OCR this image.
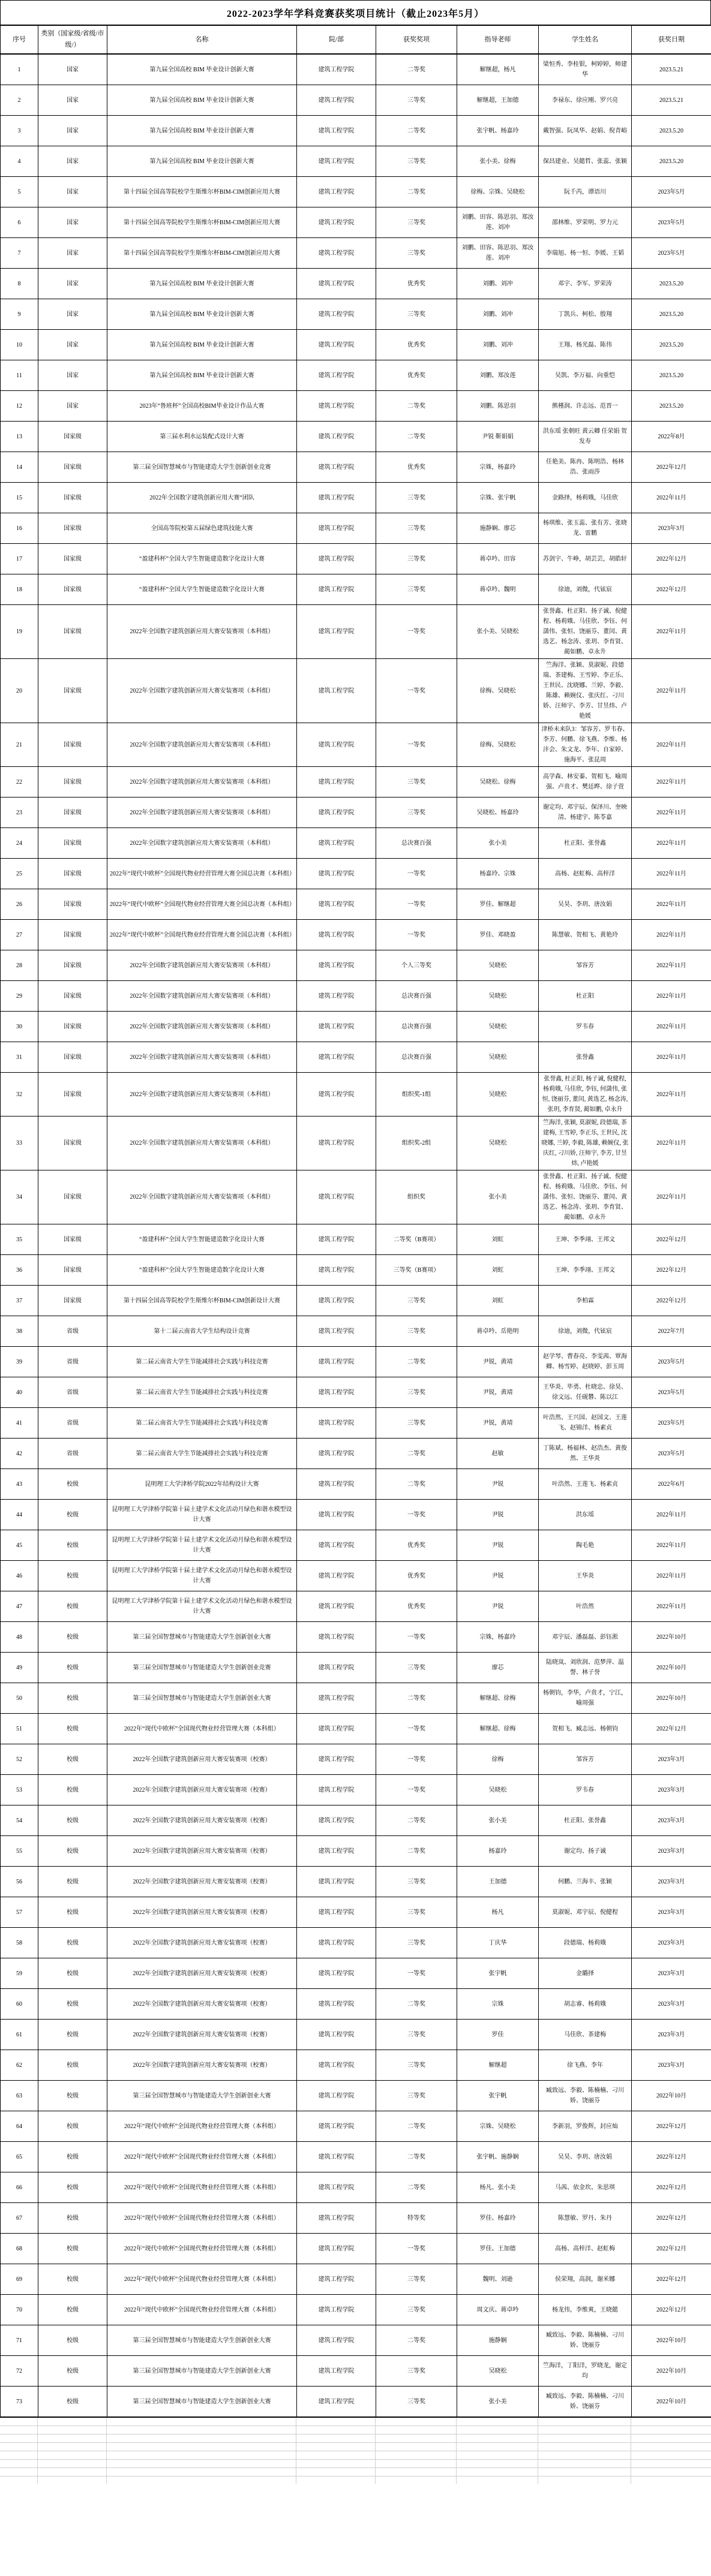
2022-2023学年学科竞赛获奖项目统计（截止2023年5月）
序号	类别（国家级/省级/市级/）	名称	院/部	获奖奖项	指导老师	学生姓名	获奖日期
1	国家	第九届全国高校 BIM 毕业设计创新大赛	建筑工程学院	二等奖	解继超，杨凡	梁恒秀、李桂银，柯婷婷，师建华	2023.5.21
2	国家	第九届全国高校 BIM 毕业设计创新大赛	建筑工程学院	三等奖	解继超，王加德	李禄东、徐应刚、罗兴亮	2023.5.21
3	国家	第九届全国高校 BIM 毕业设计创新大赛	建筑工程学院	二等奖	张宇帆、杨嘉玲	戴智强、阮凤华、赵娟、倪青峪	2023.5.20
4	国家	第九届全国高校 BIM 毕业设计创新大赛	建筑工程学院	三等奖	张小美、徐梅	保昌建业、吴懿哲、张蕊、张颖	2023.5.20
5	国家	第十四届全国高等院校学生斯维尔杯BIM-CIM创新应用大赛	建筑工程学院	二等奖	徐梅、宗姝、吴晓松	阮千芮，谭语川	2023年5月
6	国家	第十四届全国高等院校学生斯维尔杯BIM-CIM创新应用大赛	建筑工程学院	三等奖	刘鹏、田容、陈思羽、郑汝莲、刘冲	邵林维、罗荣明、罗力元	2023年5月
7	国家	第十四届全国高等院校学生斯维尔杯BIM-CIM创新应用大赛	建筑工程学院	三等奖	刘鹏、田容、陈思羽、郑汝莲、刘冲	李瑞旭、杨一恒、李媛、王韬	2023年5月
8	国家	第九届全国高校 BIM 毕业设计创新大赛	建筑工程学院	优秀奖	刘鹏、刘冲	邓宇、李军、罗荣涛	2023.5.20
9	国家	第九届全国高校 BIM 毕业设计创新大赛	建筑工程学院	三等奖	刘鹏、刘冲	丁凯兵、柯松、殷翔	2023.5.20
10	国家	第九届全国高校 BIM 毕业设计创新大赛	建筑工程学院	优秀奖	刘鹏、刘冲	王翔、杨光磊、陈伟	2023.5.20
11	国家	第九届全国高校 BIM 毕业设计创新大赛	建筑工程学院	优秀奖	刘鹏、郑汝莲	吴凯、李万福、向重恺	2023.5.20
12	国家	2023年“鲁班杯”全国高校BIM毕业设计作品大赛	建筑工程学院	二等奖	刘鹏、陈思羽	熊槿润、许志远、范晋一	2023.5.20
13	国家级	第三届水利水运装配式设计大赛	建筑工程学院	二等奖	尹锐 靳娟娟	洪东瑶 张朝旺 黄云卿 任荣娟 贺发寿	2022年8月
14	国家级	第三届全国智慧城市与智能建造大学生创新创业竞赛	建筑工程学院	优秀奖	宗姝，杨嘉玲	任艳美、陈冉、陈明浩、杨林浩、张雨莎	2022年12月
15	国家级	2022年全国数字建筑创新应用大赛“团队	建筑工程学院	三等奖	宗姝、张宇帆	金路择，杨莉娥，马佳欣	2022年11月
16	国家级	全国高等院校第五届绿色建筑技能大赛	建筑工程学院	三等奖	施静娴、廖芯	杨琪维、张玉蕊、张有芳、张晓龙、雷鹏	2023年3月
17	国家级	“盈建科杯”全国大学生智能建造数字化设计大赛	建筑工程学院	三等奖	蒋卓吟、田容	苏剑宇、牛峥，胡芸芸，胡皓轩	2022年12月
18	国家级	“盈建科杯”全国大学生智能建造数字化设计大赛	建筑工程学院	三等奖	蒋卓吟、魏明	徐迪，刘微，代铉宸	2022年12月
19	国家级	2022年全国数字建筑创新应用大赛安装赛项（本科组）	建筑工程学院	一等奖	张小美、吴晓松	张誉鑫、杜正阳、扬子诚、倪健程、杨莉娥、马佳欣、李钰、何潇伟、张恒、饶丽芬、董闰、黄选艺、杨念涛、张玥、李育贤、蔺如鹏、卓永升	2022年11月
20	国家级	2022年全国数字建筑创新应用大赛安装赛项（本科组）	建筑工程学院	一等奖	徐梅、吴晓松	竺海洋、张颖、莫淑妮、段德瑞、茶建梅、王雪婷、李正乐、王世民、沈晓娜、兰婷、李毅、陈雄、赖婉仪、张庆红、刁川娇、汪师宇、李芳、甘昱炜、卢艳媛	2022年11月
21	国家级	2022年全国数字建筑创新应用大赛安装赛项（本科组）	建筑工程学院	一等奖	徐梅、吴晓松	津桥未来队3：邹容芳、罗韦春、李芳、何鹏、徐飞燕、李维、杨沣会、朱文龙、李年、自家婷、施海平、张昆周	2022年11月
22	国家级	2022年全国数字建筑创新应用大赛安装赛项（本科组）	建筑工程学院	三等奖	吴晓松、徐梅	高学森、林安蓁、贺相飞、喻周强、卢贵才、樊廷晔、徐子萱	2022年11月
23	国家级	2022年全国数字建筑创新应用大赛安装赛项（本科组）	建筑工程学院	三等奖	吴晓松、杨嘉玲	谢定均、邓宇辰、保泽川、奎映清、杨建宇、陈苓嘉	2022年11月
24	国家级	2022年全国数字建筑创新应用大赛安装赛项（本科组）	建筑工程学院	总决赛百强	张小美	杜正阳、张誉鑫	2022年11月
25	国家级	2022年“现代中欧杯”全国现代物业经营管理大赛全国总决赛（本科组）	建筑工程学院	一等奖	杨嘉玲、宗姝	高杨、赵虹梅、高梓洋	2022年11月
26	国家级	2022年“现代中欧杯”全国现代物业经营管理大赛全国总决赛（本科组）	建筑工程学院	一等奖	罗佳、解继超	吴昊、李玥、唐汝娟	2022年11月
27	国家级	2022年“现代中欧杯”全国现代物业经营管理大赛全国总决赛（本科组）	建筑工程学院	一等奖	罗佳、邓晓盈	陈慧敏、贺相飞、黄艳玲	2022年11月
28	国家级	2022年全国数字建筑创新应用大赛安装赛项（本科组）	建筑工程学院	个人三等奖	吴晓松	邹容芳	2022年11月
29	国家级	2022年全国数字建筑创新应用大赛安装赛项（本科组）	建筑工程学院	总决赛百强	吴晓松	杜正阳	2022年11月
30	国家级	2022年全国数字建筑创新应用大赛安装赛项（本科组）	建筑工程学院	总决赛百强	吴晓松	罗韦春	2022年11月
31	国家级	2022年全国数字建筑创新应用大赛安装赛项（本科组）	建筑工程学院	总决赛百强	吴晓松	张誉鑫	2022年11月
32	国家级	2022年全国数字建筑创新应用大赛安装赛项（本科组）	建筑工程学院	组织奖-1组	吴晓松	张誉鑫, 杜正阳, 杨子诚, 倪健程, 杨莉娥, 马佳欣, 李钰, 何潇伟, 张恒, 饶丽芬, 董闰, 黄选艺, 杨念涛, 张玥, 李育贤, 蔺如鹏, 卓永升	2022年11月
33	国家级	2022年全国数字建筑创新应用大赛安装赛项（本科组）	建筑工程学院	组织奖-2组	吴晓松	竺海洋, 张颖, 莫淑妮, 段德瑞, 茶建梅, 王雪婷, 李正乐, 王世民, 沈晓娜, 兰婷, 李毅, 陈雄, 赖婉仪, 张庆红, 刁川娇, 汪师宇, 李芳, 甘昱炜, 卢艳媛	2022年11月
34	国家级	2022年全国数字建筑创新应用大赛安装赛项（本科组）	建筑工程学院	组织奖	张小美	张誉鑫、杜正阳、扬子诚、倪健程、杨莉娥、马佳欣、李钰、何潇伟、张恒、饶丽芬、董闰、黄选艺、杨念涛、张玥、李育贤、蔺如鹏、卓永升	2022年11月
35	国家级	“盈建科杯”全国大学生智能建造数字化设计大赛	建筑工程学院	二等奖（B赛项）	刘虹	王坤、李季翊、王邦文	2022年12月
36	国家级	“盈建科杯”全国大学生智能建造数字化设计大赛	建筑工程学院	三等奖（B赛项）	刘虹	王坤、李季翊、王邦文	2022年12月
37	国家级	第十四届全国高等院校学生斯维尔杯BIM-CIM创新设计大赛	建筑工程学院	三等奖	刘虹	李柏霖	2022年12月
38	省级	第十二届云南省大学生结构设计竞赛	建筑工程学院	三等奖	蒋卓吟、岳艳明	徐迪，刘微，代铉宸	2022年7月
39	省级	第二届云南省大学生节能减排社会实践与科技竞赛	建筑工程学院	二等奖	尹锐，黄靖	赵学琴、曹春亮、李雯茜、覃海卿、杨雪婷、赵晓婷、彭玉周	2023年5月
40	省级	第二届云南省大学生节能减排社会实践与科技竞赛	建筑工程学院	三等奖	尹锐，黄靖	王华炎、毕勇、杜晓忠、徐昊、徐文远、任砚礬、陈以江	2023年5月
41	省级	第二届云南省大学生节能减排社会实践与科技竞赛	建筑工程学院	三等奖	尹锐，黄靖	叶浩然、王兴国、赵国文、王莲飞、赵锦洋、杨素贞	2023年5月
42	省级	第二届云南省大学生节能减排社会实践与科技竞赛	建筑工程学院	二等奖	赵敏	丁陈斌、杨福林、赵浩杰、黄俊然、王华炎	2023年5月
43	校级	昆明理工大学津桥学院2022年结构设计大赛	建筑工程学院	二等奖	尹锐	叶浩然、王莲飞、杨素贞	2022年6月
44	校级	昆明理工大学津桥学院第十届土建学术文化活动月绿色和谐水模型设计大赛	建筑工程学院	一等奖	尹锐	洪东瑶	2022年11月
45	校级	昆明理工大学津桥学院第十届土建学术文化活动月绿色和谐水模型设计大赛	建筑工程学院	优秀奖	尹锐	陶毛艳	2022年11月
46	校级	昆明理工大学津桥学院第十届土建学术文化活动月绿色和谐水模型设计大赛	建筑工程学院	优秀奖	尹锐	王华炎	2022年11月
47	校级	昆明理工大学津桥学院第十届土建学术文化活动月绿色和谐水模型设计大赛	建筑工程学院	优秀奖	尹锐	叶浩然	2022年11月
48	校级	第三届全国智慧城市与智能建造大学生创新创业大赛	建筑工程学院	一等奖	宗姝，杨嘉玲	邓宇辰、潘磊磊、彭钰淞	2022年10月
49	校级	第三届全国智慧城市与智能建造大学生创新创业竞赛	建筑工程学院	三等奖	廖芯	陆晓岚、刘欣润、范梦萍、温謦、林子誉	2022年10月
50	校级	第三届全国智慧城市与智能建造大学生创新创业大赛	建筑工程学院	二等奖	解继超、徐梅	杨朝钧，李华，卢贵才，宁江，喻周强	2022年10月
51	校级	2022年“现代中欧杯”全国现代物业经营管理大赛（本科组）	建筑工程学院	一等奖	解继超、徐梅	贺相飞、臧志远、杨朝钧	2022年12月
52	校级	2022年全国数字建筑创新应用大赛安装赛项（校赛）	建筑工程学院	一等奖	徐梅	邹容芳	2023年3月
53	校级	2022年全国数字建筑创新应用大赛安装赛项（校赛）	建筑工程学院	一等奖	吴晓松	罗韦春	2023年3月
54	校级	2022年全国数字建筑创新应用大赛安装赛项（校赛）	建筑工程学院	二等奖	张小美	杜正阳、张誉鑫	2023年3月
55	校级	2022年全国数字建筑创新应用大赛安装赛项（校赛）	建筑工程学院	二等奖	杨嘉玲	谢定均、扬子诚	2023年3月
56	校级	2022年全国数字建筑创新应用大赛安装赛项（校赛）	建筑工程学院	三等奖	王加德	何鹏、兰海丰、张颖	2023年3月
57	校级	2022年全国数字建筑创新应用大赛安装赛项（校赛）	建筑工程学院	三等奖	杨凡	莫淑妮、邓宇辰、倪健程	2023年3月
58	校级	2022年全国数字建筑创新应用大赛安装赛项（校赛）	建筑工程学院	三等奖	丁庆华	段德瑞、杨莉娥	2023年3月
59	校级	2022年全国数字建筑创新应用大赛安装赛项（校赛）	建筑工程学院	一等奖	张宇帆	金璐择	2023年3月
60	校级	2022年全国数字建筑创新应用大赛安装赛项（校赛）	建筑工程学院	二等奖	宗姝	胡志睿、杨莉娥	2023年3月
61	校级	2022年全国数字建筑创新应用大赛安装赛项（校赛）	建筑工程学院	三等奖	罗佳	马佳欣、茶建梅	2023年3月
62	校级	2022年全国数字建筑创新应用大赛安装赛项（校赛）	建筑工程学院	三等奖	解继超	徐飞燕、李年	2023年3月
63	校级	第三届全国智慧城市与智能建造大学生创新创业大赛	建筑工程学院	三等奖	张宇帆	臧致远、李毅、陈楠楠、刁川娇、饶丽芬	2022年10月
64	校级	2022年“现代中欧杯”全国现代物业经营管理大赛（本科组）	建筑工程学院	二等奖	宗姝、吴晓松	李新羽，罗俊辉，封应灿	2022年12月
65	校级	2022年“现代中欧杯”全国现代物业经营管理大赛（本科组）	建筑工程学院	二等奖	张宇帆、施静娴	吴昊、李玥、唐汝娟	2022年12月
66	校级	2022年“现代中欧杯”全国现代物业经营管理大赛（本科组）	建筑工程学院	二等奖	杨凡、张小美	马茜、依金坎、朱思琪	2022年12月
67	校级	2022年“现代中欧杯”全国现代物业经营管理大赛（本科组）	建筑工程学院	特等奖	罗佳、杨嘉玲	陈慧敏、罗丹、朱丹	2022年12月
68	校级	2022年“现代中欧杯”全国现代物业经营管理大赛（本科组）	建筑工程学院	一等奖	罗佳、王加德	高杨、高梓洋、赵虹梅	2022年12月
69	校级	2022年“现代中欧杯”全国现代物业经营管理大赛（本科组）	建筑工程学院	三等奖	魏明、刘逊	侯荣翔，高润，谢米娜	2022年12月
70	校级	2022年“现代中欧杯”全国现代物业经营管理大赛（本科组）	建筑工程学院	三等奖	周文庆、蒋卓吟	杨龙伟，李维爽，王晓懿	2022年12月
71	校级	第三届全国智慧城市与智能建造大学生创新创业大赛	建筑工程学院	二等奖	施静娴	臧致远、李毅、陈楠楠、刁川娇、饶丽芬	2022年10月
72	校级	第三届全国智慧城市与智能建造大学生创新创业大赛	建筑工程学院	三等奖	吴晓松	竺海洋，丁阳洋，罗晓龙，谢定均	2022年10月
73	校级	第三届全国智慧城市与智能建造大学生创新创业大赛	建筑工程学院	三等奖	张小美	臧致远、李毅、陈楠楠、刁川娇、饶丽芬	2022年10月
